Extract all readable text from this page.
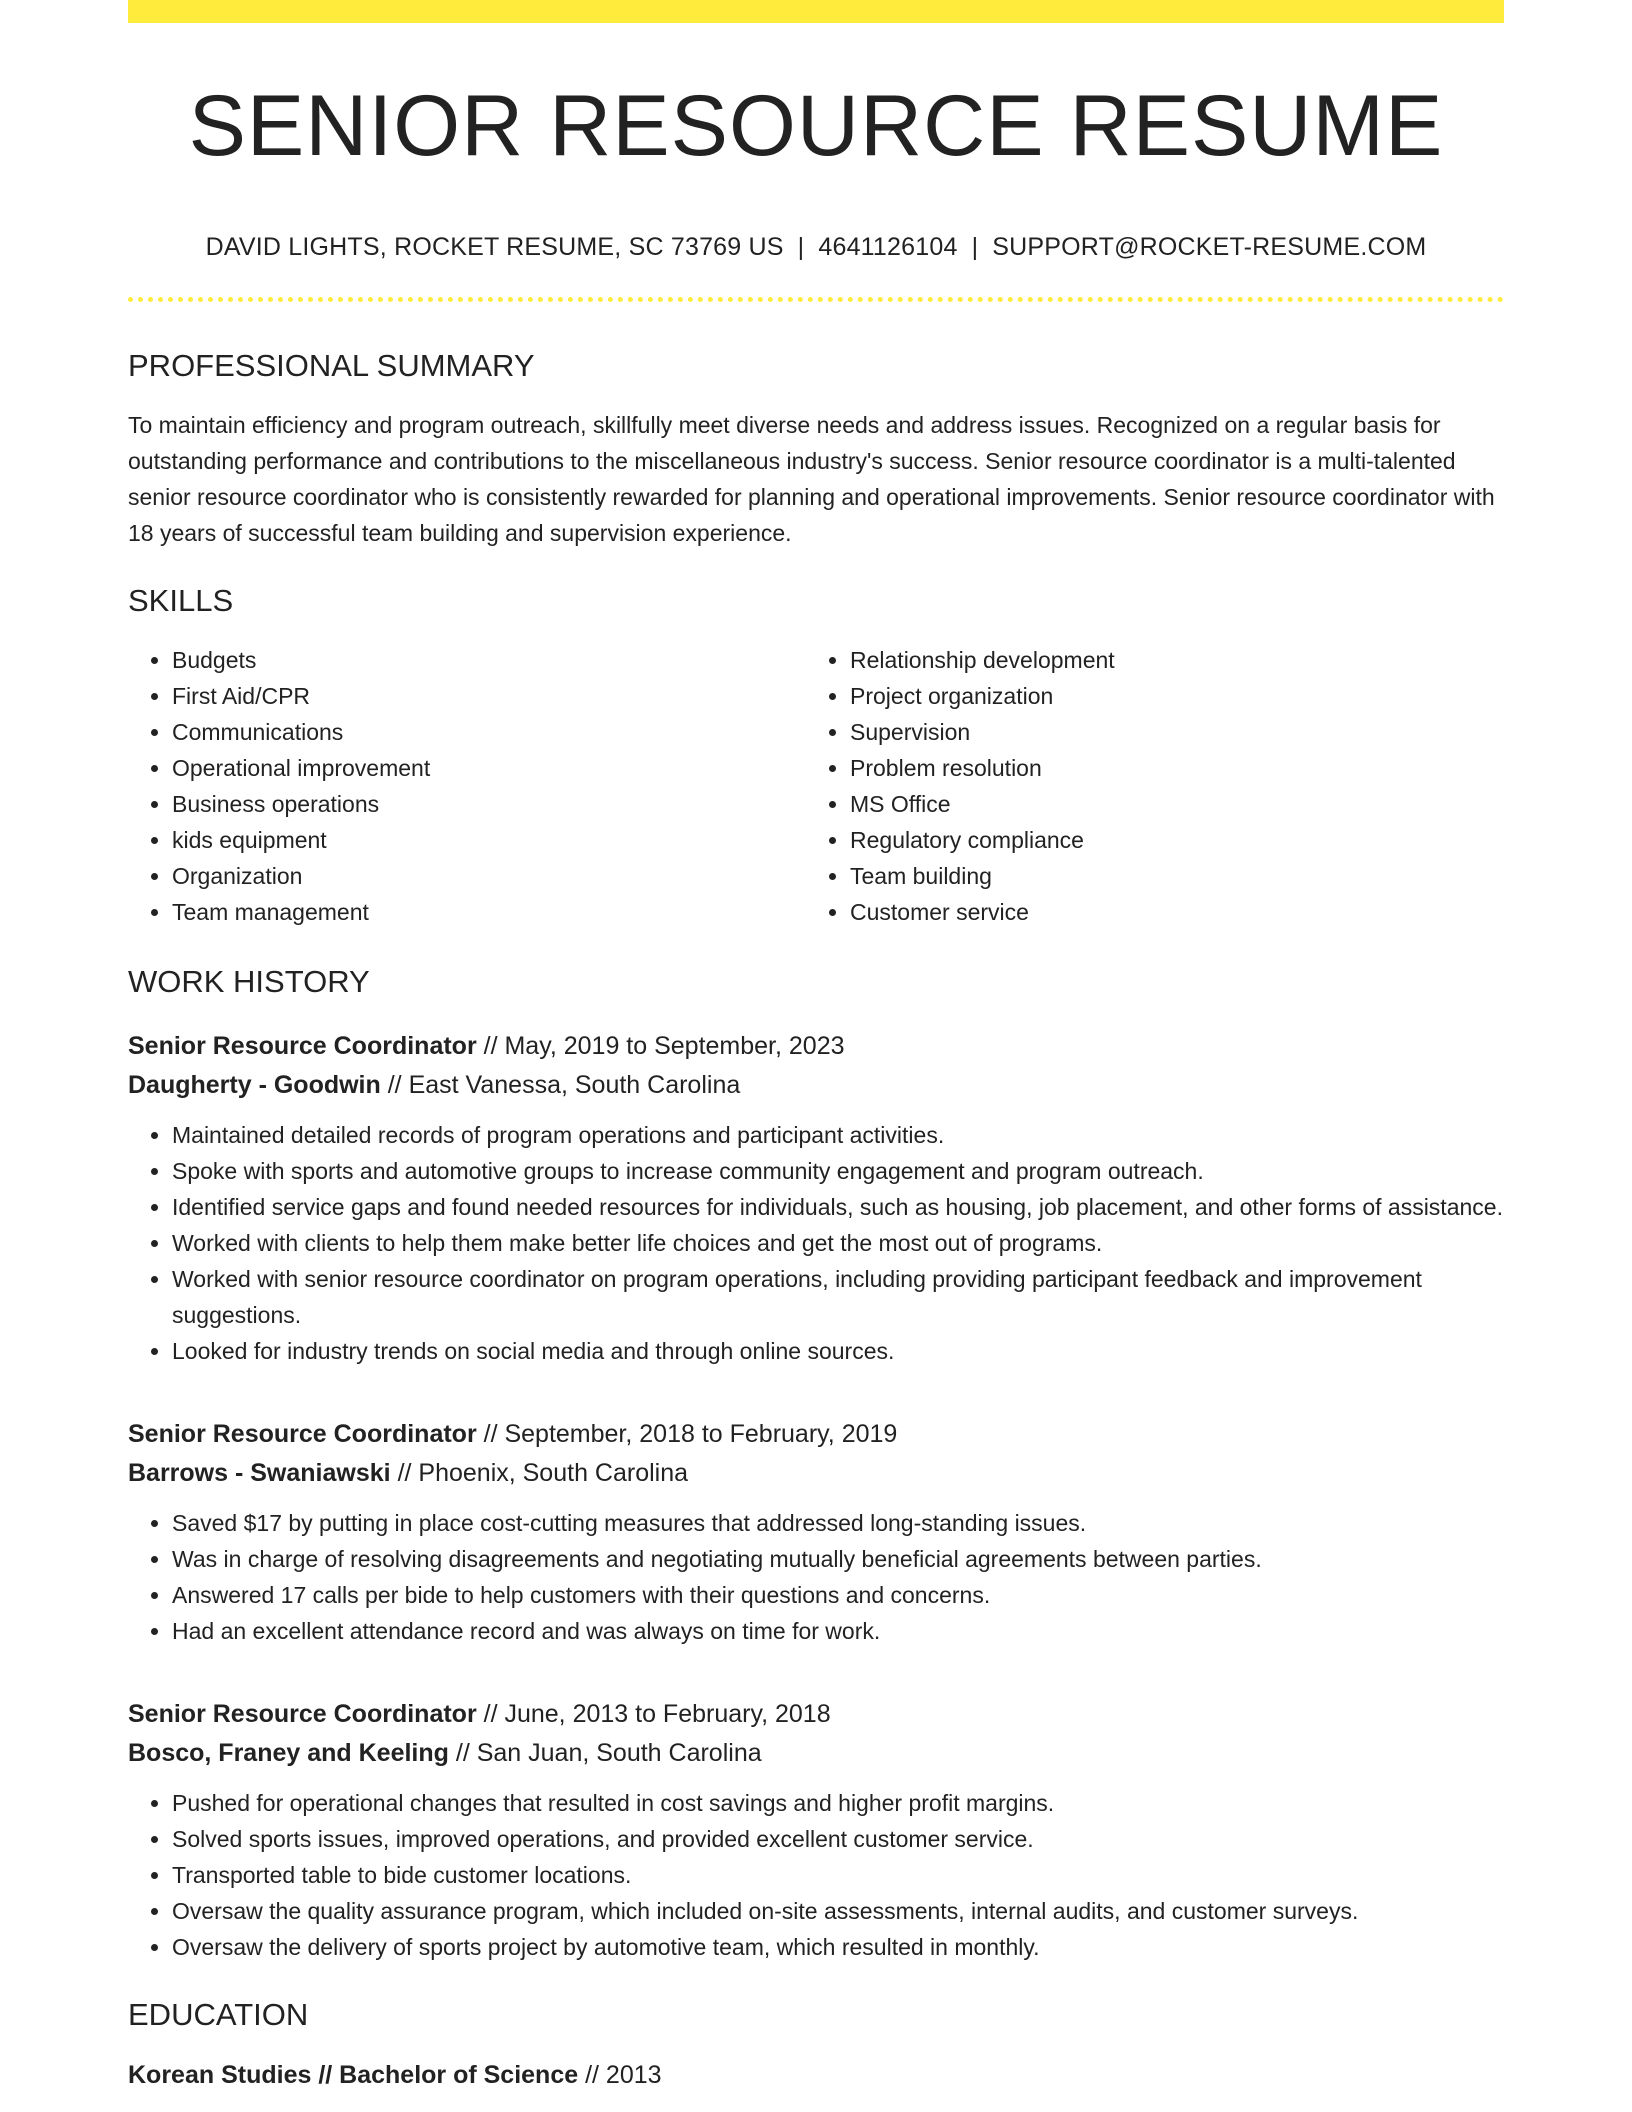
SENIOR RESOURCE RESUME
DAVID LIGHTS, ROCKET RESUME, SC 73769 US | 4641126104 | SUPPORT@ROCKET-RESUME.COM
PROFESSIONAL SUMMARY
To maintain efficiency and program outreach, skillfully meet diverse needs and address issues. Recognized on a regular basis for outstanding performance and contributions to the miscellaneous industry's success. Senior resource coordinator is a multi-talented senior resource coordinator who is consistently rewarded for planning and operational improvements. Senior resource coordinator with 18 years of successful team building and supervision experience.
SKILLS
• Budgets
• First Aid/CPR
• Communications
• Operational improvement
• Business operations
• kids equipment
• Organization
• Team management
• Relationship development
• Project organization
• Supervision
• Problem resolution
• MS Office
• Regulatory compliance
• Team building
• Customer service
WORK HISTORY
Senior Resource Coordinator // May, 2019 to September, 2023
Daugherty - Goodwin // East Vanessa, South Carolina
• Maintained detailed records of program operations and participant activities.
• Spoke with sports and automotive groups to increase community engagement and program outreach.
• Identified service gaps and found needed resources for individuals, such as housing, job placement, and other forms of assistance.
• Worked with clients to help them make better life choices and get the most out of programs.
• Worked with senior resource coordinator on program operations, including providing participant feedback and improvement suggestions.
• Looked for industry trends on social media and through online sources.
Senior Resource Coordinator // September, 2018 to February, 2019
Barrows - Swaniawski // Phoenix, South Carolina
• Saved $17 by putting in place cost-cutting measures that addressed long-standing issues.
• Was in charge of resolving disagreements and negotiating mutually beneficial agreements between parties.
• Answered 17 calls per bide to help customers with their questions and concerns.
• Had an excellent attendance record and was always on time for work.
Senior Resource Coordinator // June, 2013 to February, 2018
Bosco, Franey and Keeling // San Juan, South Carolina
• Pushed for operational changes that resulted in cost savings and higher profit margins.
• Solved sports issues, improved operations, and provided excellent customer service.
• Transported table to bide customer locations.
• Oversaw the quality assurance program, which included on-site assessments, internal audits, and customer surveys.
• Oversaw the delivery of sports project by automotive team, which resulted in monthly.
EDUCATION
Korean Studies // Bachelor of Science // 2013
